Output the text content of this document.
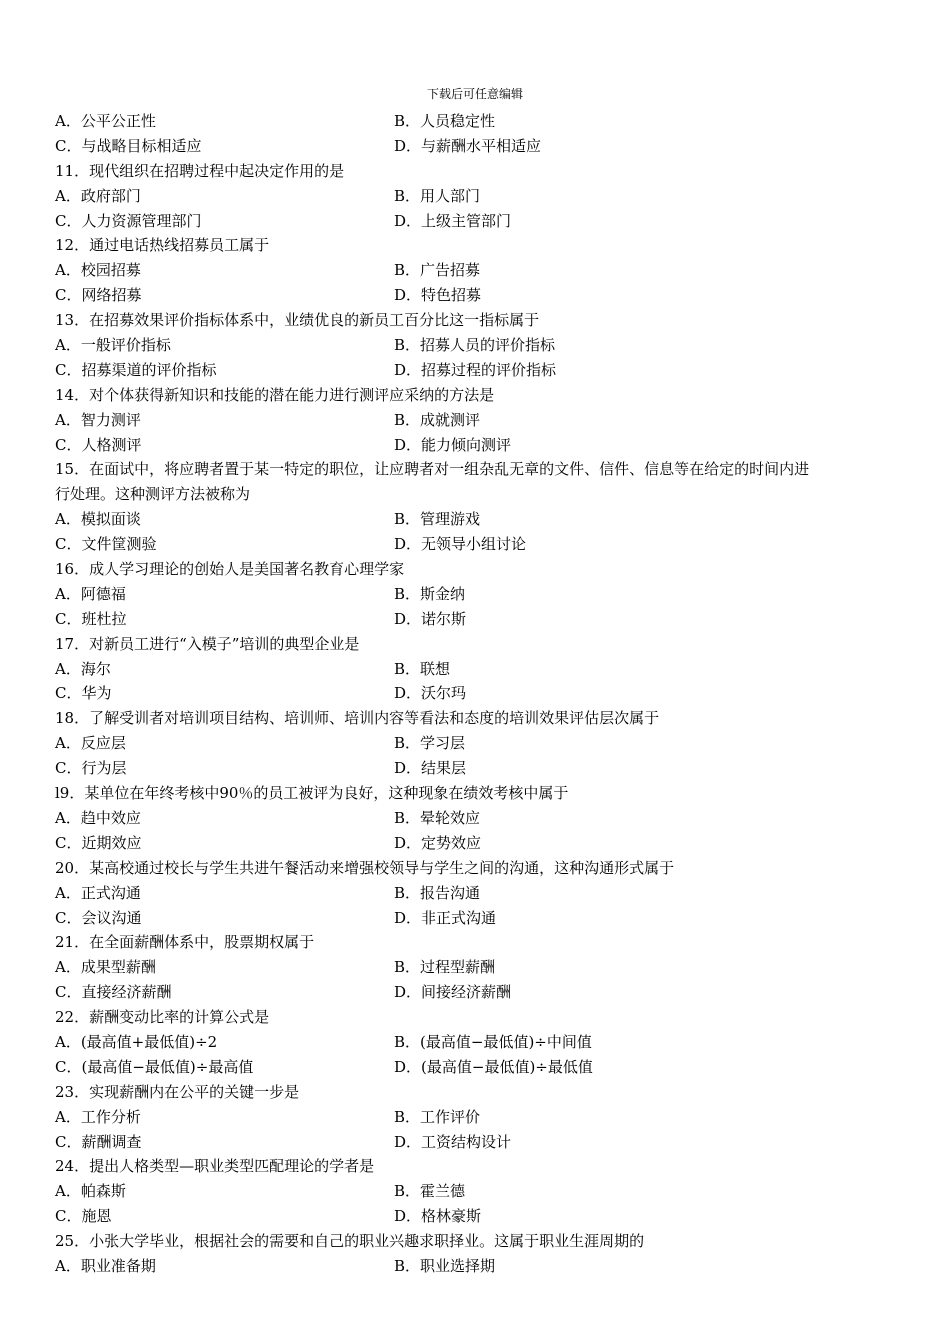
下载后可任意编辑
A．公平公正性	B．人员稳定性
C．与战略目标相适应	D．与薪酬水平相适应
11．现代组织在招聘过程中起决定作用的是
A．政府部门	B．用人部门
C．人力资源管理部门	D．上级主管部门
12．通过电话热线招募员工属于
A．校园招募	B．广告招募
C．网络招募	D．特色招募
13．在招募效果评价指标体系中，业绩优良的新员工百分比这一指标属于
A．一般评价指标	B．招募人员的评价指标
C．招募渠道的评价指标	D．招募过程的评价指标
14．对个体获得新知识和技能的潜在能力进行测评应采纳的方法是
A．智力测评	B．成就测评
C．人格测评	D．能力倾向测评
15．在面试中，将应聘者置于某一特定的职位，让应聘者对一组杂乱无章的文件、信件、信息等在给定的时间内进
行处理。这种测评方法被称为
A．模拟面谈	B．管理游戏
C．文件筐测验	D．无领导小组讨论
16．成人学习理论的创始人是美国著名教育心理学家
A．阿德福	B．斯金纳
C．班杜拉	D．诺尔斯
17．对新员工进行“入模子”培训的典型企业是
A．海尔	B．联想
C．华为	D．沃尔玛
18．了解受训者对培训项目结构、培训师、培训内容等看法和态度的培训效果评估层次属于
A．反应层	B．学习层
C．行为层	D．结果层
l9．某单位在年终考核中90％的员工被评为良好，这种现象在绩效考核中属于
A．趋中效应	B．晕轮效应
C．近期效应	D．定势效应
20．某高校通过校长与学生共进午餐活动来增强校领导与学生之间的沟通，这种沟通形式属于
A．正式沟通	B．报告沟通
C．会议沟通	D．非正式沟通
21．在全面薪酬体系中，股票期权属于
A．成果型薪酬	B．过程型薪酬
C．直接经济薪酬	D．间接经济薪酬
22．薪酬变动比率的计算公式是
A．(最高值+最低值)÷2	B．(最高值−最低值)÷中间值
C．(最高值−最低值)÷最高值	D．(最高值−最低值)÷最低值
23．实现薪酬内在公平的关键一步是
A．工作分析	B．工作评价
C．薪酬调查	D．工资结构设计
24．提出人格类型—职业类型匹配理论的学者是
A．帕森斯	B．霍兰德
C．施恩	D．格林豪斯
25．小张大学毕业，根据社会的需要和自己的职业兴趣求职择业。这属于职业生涯周期的
A．职业准备期	B．职业选择期
